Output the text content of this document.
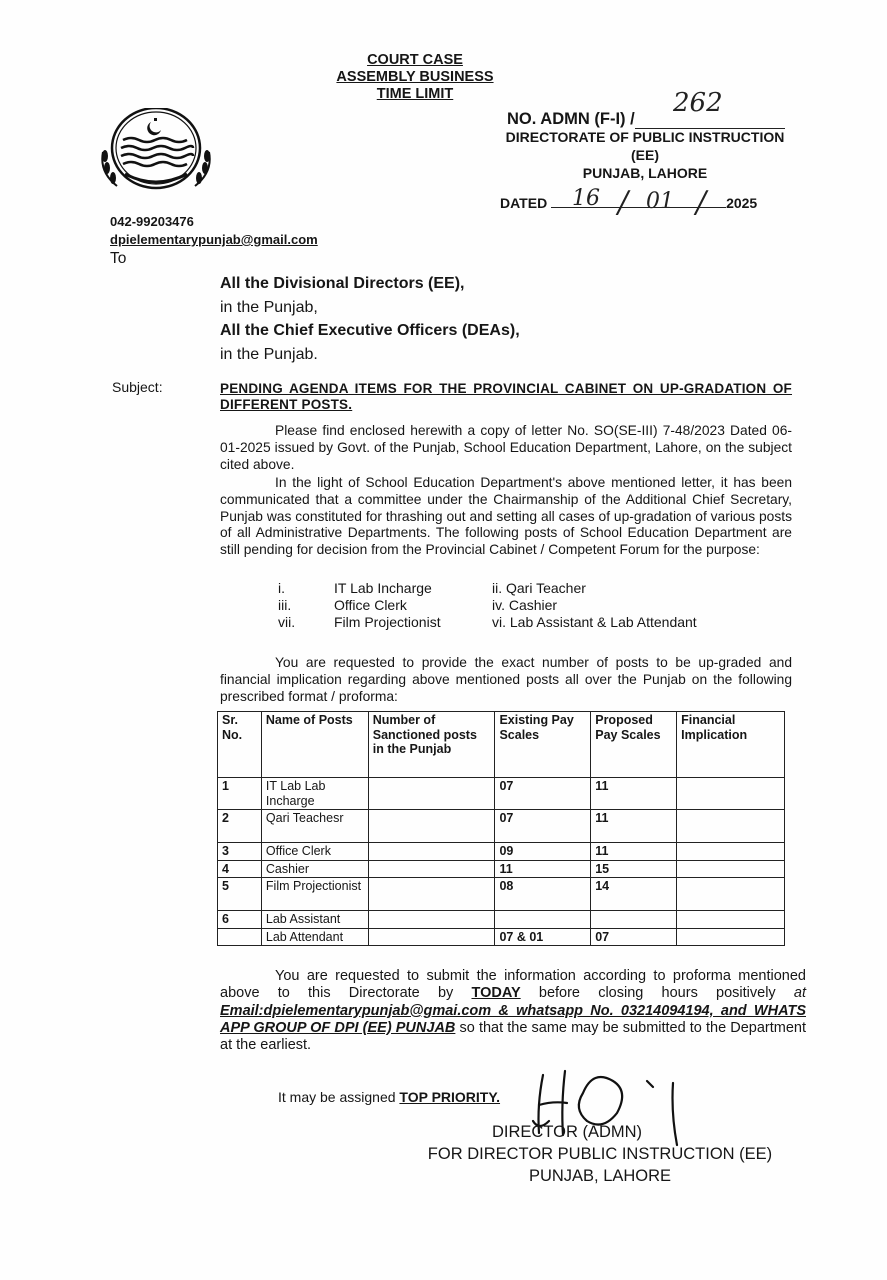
COURT CASE
ASSEMBLY BUSINESS
TIME LIMIT
NO. ADMN (F-I) /
262
DIRECTORATE OF PUBLIC INSTRUCTION
(EE)
PUNJAB, LAHORE
DATED	2025
16 / 01 /
042-99203476
dpielementarypunjab@gmail.com
To
All the Divisional Directors (EE),
in the Punjab,
All the Chief Executive Officers (DEAs),
in the Punjab.
Subject:	PENDING AGENDA ITEMS FOR THE PROVINCIAL CABINET ON UP-GRADATION OF DIFFERENT POSTS.
Please find enclosed herewith a copy of letter No. SO(SE-III) 7-48/2023 Dated 06-01-2025 issued by Govt. of the Punjab, School Education Department, Lahore, on the subject cited above.
In the light of School Education Department's above mentioned letter, it has been communicated that a committee under the Chairmanship of the Additional Chief Secretary, Punjab was constituted for thrashing out and setting all cases of up-gradation of various posts of all Administrative Departments. The following posts of School Education Department are still pending for decision from the Provincial Cabinet / Competent Forum for the purpose:
i.	IT Lab Incharge	ii. Qari Teacher
iii.	Office Clerk	iv. Cashier
vii.	Film Projectionist	vi. Lab Assistant & Lab Attendant
You are requested to provide the exact number of posts to be up-graded and financial implication regarding above mentioned posts all over the Punjab on the following prescribed format / proforma:
Sr. No.	Name of Posts	Number of Sanctioned posts in the Punjab	Existing Pay Scales	Proposed Pay Scales	Financial Implication
1	IT Lab Lab Incharge		07	11	
2	Qari Teachesr		07	11	
3	Office Clerk		09	11	
4	Cashier		11	15	
5	Film Projectionist		08	14	
6	Lab Assistant				
	Lab Attendant		07 & 01	07	
You are requested to submit the information according to proforma mentioned above to this Directorate by TODAY before closing hours positively at Email:dpielementarypunjab@gmai.com & whatsapp No. 03214094194, and WHATS APP GROUP OF DPI (EE) PUNJAB so that the same may be submitted to the Department at the earliest.
It may be assigned TOP PRIORITY.
DIRECTOR (ADMN)
FOR DIRECTOR PUBLIC INSTRUCTION (EE)
PUNJAB, LAHORE
